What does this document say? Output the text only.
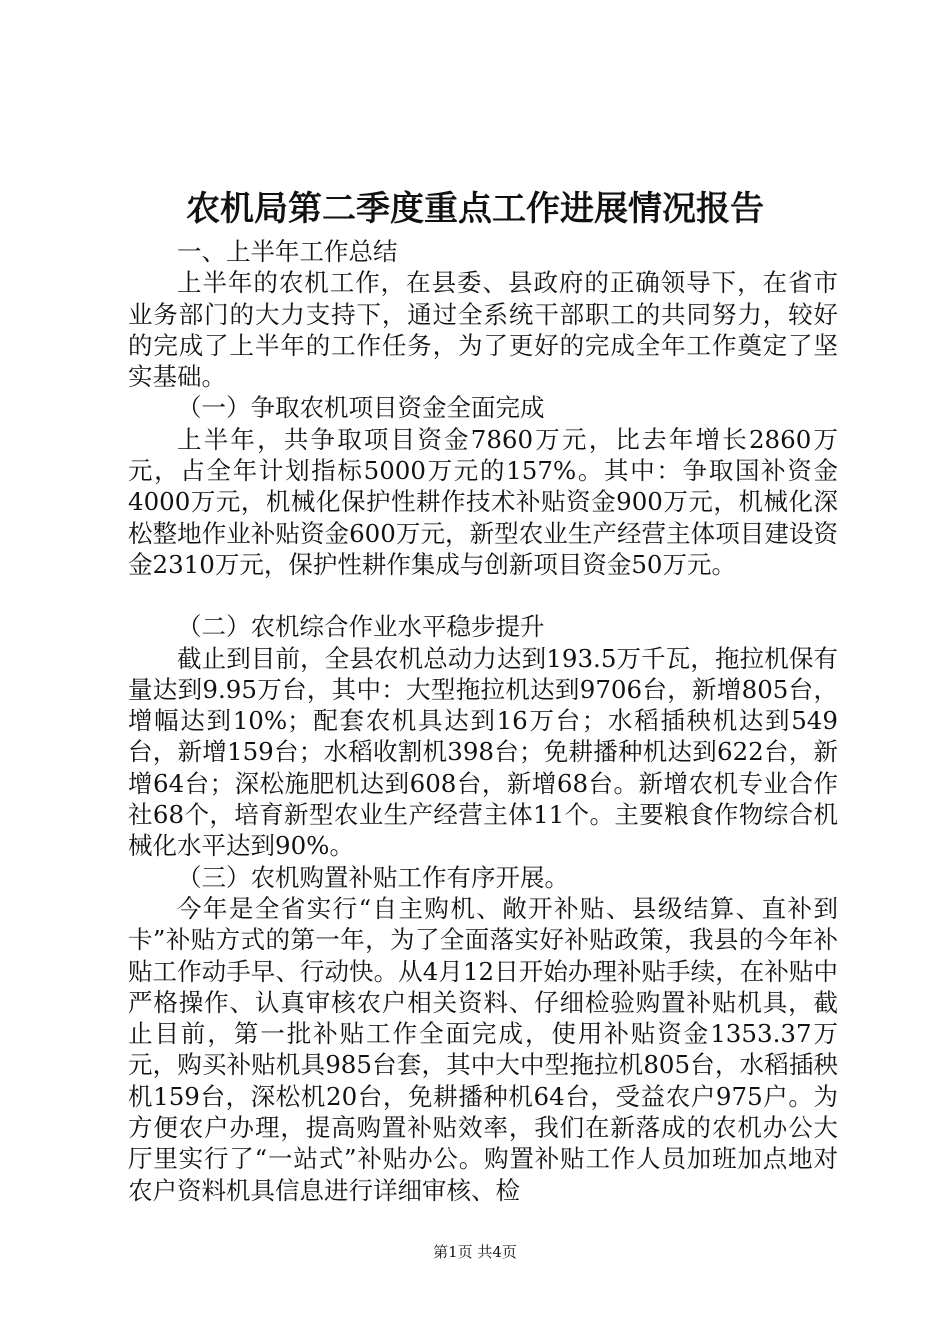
农机局第二季度重点工作进展情况报告

一、上半年工作总结

上半年的农机工作，在县委、县政府的正确领导下，在省市业务部门的大力支持下，通过全系统干部职工的共同努力，较好的完成了上半年的工作任务，为了更好的完成全年工作奠定了坚实基础。

（一）争取农机项目资金全面完成

上半年，共争取项目资金7860万元，比去年增长2860万元，占全年计划指标5000万元的157%。其中：争取国补资金4000万元，机械化保护性耕作技术补贴资金900万元，机械化深松整地作业补贴资金600万元，新型农业生产经营主体项目建设资金2310万元，保护性耕作集成与创新项目资金50万元。

（二）农机综合作业水平稳步提升

截止到目前，全县农机总动力达到193.5万千瓦，拖拉机保有量达到9.95万台，其中：大型拖拉机达到9706台，新增805台，增幅达到10%；配套农机具达到16万台；水稻插秧机达到549台，新增159台；水稻收割机398台；免耕播种机达到622台，新增64台；深松施肥机达到608台，新增68台。新增农机专业合作社68个，培育新型农业生产经营主体11个。主要粮食作物综合机械化水平达到90%。

（三）农机购置补贴工作有序开展。

今年是全省实行“自主购机、敞开补贴、县级结算、直补到卡”补贴方式的第一年，为了全面落实好补贴政策，我县的今年补贴工作动手早、行动快。从4月12日开始办理补贴手续，在补贴中严格操作、认真审核农户相关资料、仔细检验购置补贴机具，截止目前，第一批补贴工作全面完成，使用补贴资金1353.37万元，购买补贴机具985台套，其中大中型拖拉机805台，水稻插秧机159台，深松机20台，免耕播种机64台，受益农户975户。为方便农户办理，提高购置补贴效率，我们在新落成的农机办公大厅里实行了“一站式”补贴办公。购置补贴工作人员加班加点地对农户资料机具信息进行详细审核、检

第1页 共4页
